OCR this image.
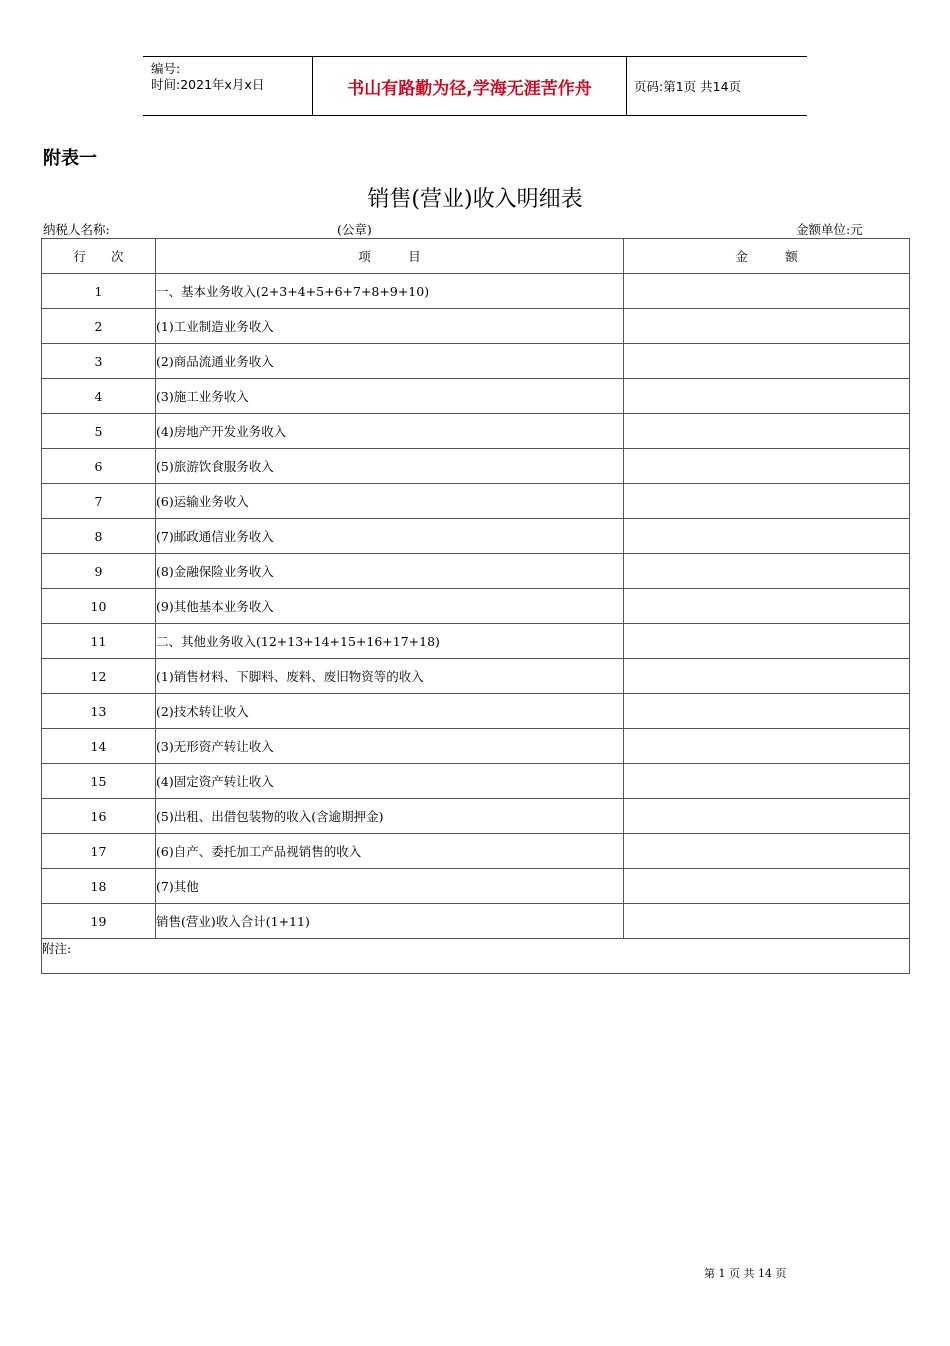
编号:
时间:2021年x月x日	书山有路勤为径,学海无涯苦作舟	页码:第1页 共14页
附表一
销售(营业)收入明细表
纳税人名称:	(公章)	金额单位:元
行　　次	项　　　目	金　　　额
1	一、基本业务收入(2+3+4+5+6+7+8+9+10)	
2	(1)工业制造业务收入	
3	(2)商品流通业务收入	
4	(3)施工业务收入	
5	(4)房地产开发业务收入	
6	(5)旅游饮食服务收入	
7	(6)运输业务收入	
8	(7)邮政通信业务收入	
9	(8)金融保险业务收入	
10	(9)其他基本业务收入	
11	二、其他业务收入(12+13+14+15+16+17+18)	
12	(1)销售材料、下脚料、废料、废旧物资等的收入	
13	(2)技术转让收入	
14	(3)无形资产转让收入	
15	(4)固定资产转让收入	
16	(5)出租、出借包装物的收入(含逾期押金)	
17	(6)自产、委托加工产品视销售的收入	
18	(7)其他	
19	销售(营业)收入合计(1+11)	
附注:		
第 1 页 共 14 页
